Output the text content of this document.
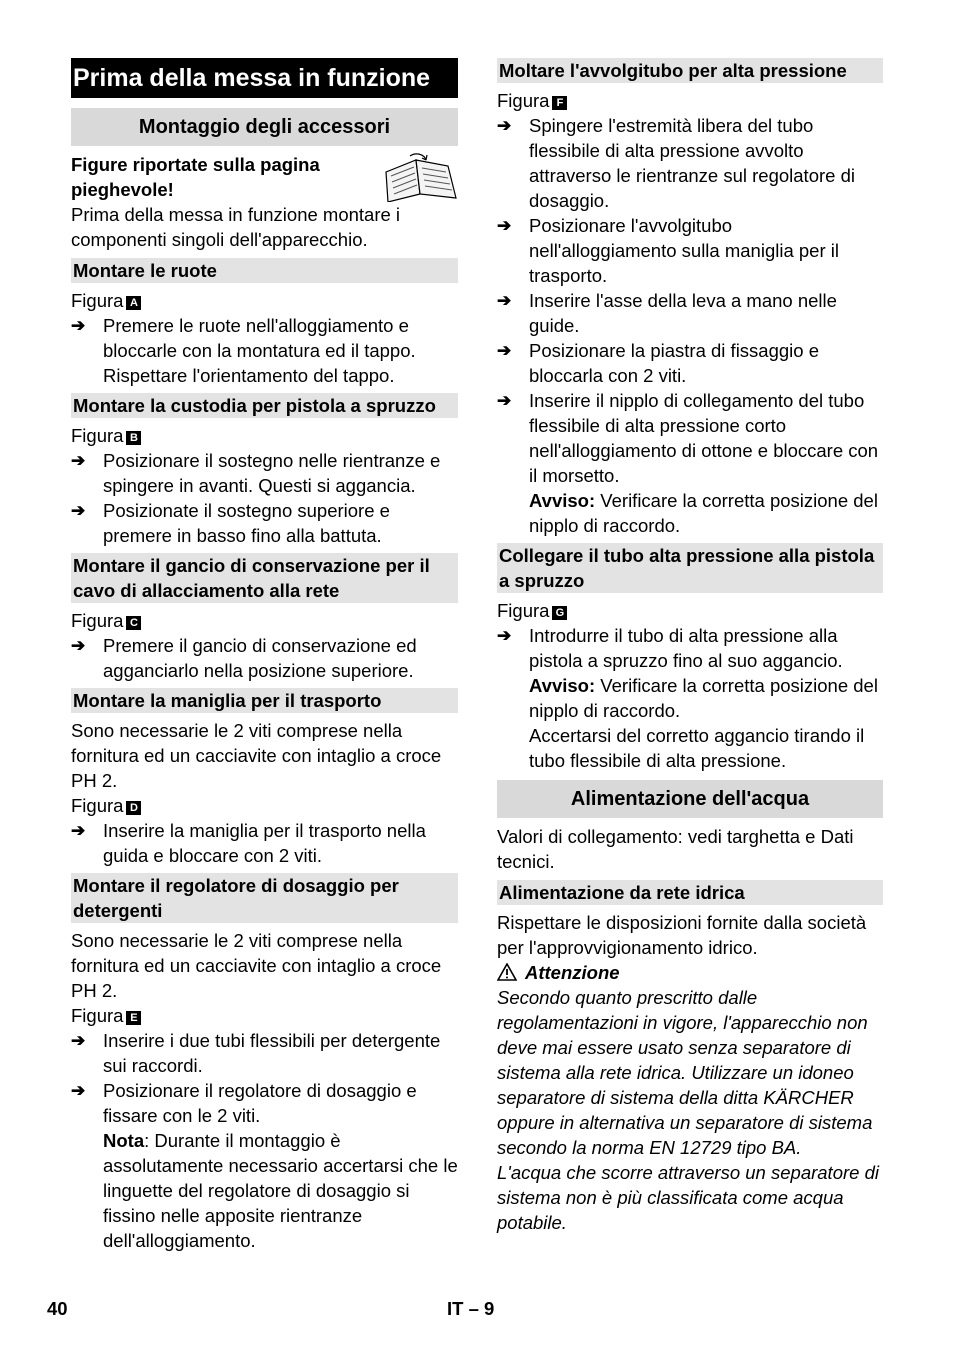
Prima della messa in funzione
Montaggio degli accessori

Figure riportate sulla pagina pieghevole!

Prima della messa in funzione montare i componenti singoli dell'apparecchio.

Montare le ruote

Figura A

➔ Premere le ruote nell'alloggiamento e bloccarle con la montatura ed il tappo. Rispettare l'orientamento del tappo.
Montare la custodia per pistola a spruzzo

Figura B

➔ Posizionare il sostegno nelle rientranze e spingere in avanti. Questi si aggancia.
➔ Posizionate il sostegno superiore e premere in basso fino alla battuta.
Montare il gancio di conservazione per il cavo di allacciamento alla rete

Figura C

➔ Premere il gancio di conservazione ed agganciarlo nella posizione superiore.
Montare la maniglia per il trasporto

Sono necessarie le 2 viti comprese nella fornitura ed un cacciavite con intaglio a croce PH 2.

Figura D

➔ Inserire la maniglia per il trasporto nella guida e bloccare con 2 viti.
Montare il regolatore di dosaggio per detergenti

Sono necessarie le 2 viti comprese nella fornitura ed un cacciavite con intaglio a croce PH 2.

Figura E

➔ Inserire i due tubi flessibili per detergente sui raccordi.
➔ Posizionare il regolatore di dosaggio e fissare con le 2 viti.
Nota: Durante il montaggio è assolutamente necessario accertarsi che le linguette del regolatore di dosaggio si fissino nelle apposite rientranze dell'alloggiamento.
Moltare l'avvolgitubo per alta pressione

Figura F

➔ Spingere l'estremità libera del tubo flessibile di alta pressione avvolto attraverso le rientranze sul regolatore di dosaggio.
➔ Posizionare l'avvolgitubo nell'alloggiamento sulla maniglia per il trasporto.
➔ Inserire l'asse della leva a mano nelle guide.
➔ Posizionare la piastra di fissaggio e bloccarla con 2 viti.
➔ Inserire il nipplo di collegamento del tubo flessibile di alta pressione corto nell'alloggiamento di ottone e bloccare con il morsetto.
Avviso: Verificare la corretta posizione del nipplo di raccordo.
Collegare il tubo alta pressione alla pistola a spruzzo

Figura G

➔ Introdurre il tubo di alta pressione alla pistola a spruzzo fino al suo aggancio.
Avviso: Verificare la corretta posizione del nipplo di raccordo.
Accertarsi del corretto aggancio tirando il tubo flessibile di alta pressione.
Alimentazione dell'acqua

Valori di collegamento: vedi targhetta e Dati tecnici.

Alimentazione da rete idrica

Rispettare le disposizioni fornite dalla società per l'approvvigionamento idrico.

Attenzione

Secondo quanto prescritto dalle regolamentazioni in vigore, l'apparecchio non deve mai essere usato senza separatore di sistema alla rete idrica. Utilizzare un idoneo separatore di sistema della ditta KÄRCHER oppure in alternativa un separatore di sistema secondo la norma EN 12729 tipo BA.

L'acqua che scorre attraverso un separatore di sistema non è più classificata come acqua potabile.

40	IT – 9
